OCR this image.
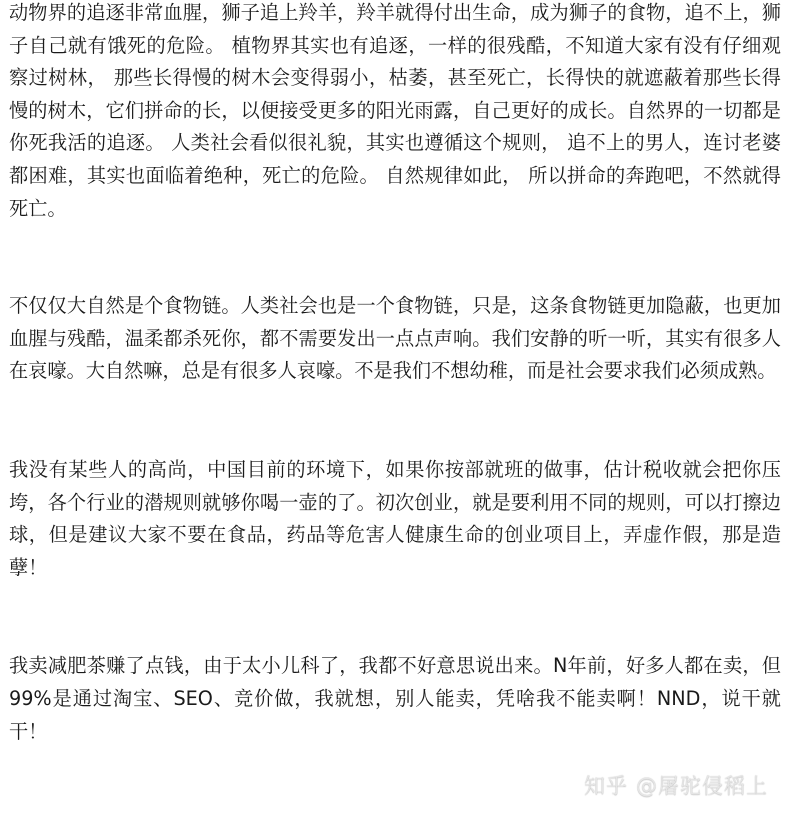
动物界的追逐非常血腥，狮子追上羚羊，羚羊就得付出生命，成为狮子的食物，追不上，狮子自己就有饿死的危险。 植物界其实也有追逐，一样的很残酷，不知道大家有没有仔细观察过树林， 那些长得慢的树木会变得弱小，枯萎，甚至死亡，长得快的就遮蔽着那些长得慢的树木，它们拼命的长，以便接受更多的阳光雨露，自己更好的成长。自然界的一切都是你死我活的追逐。 人类社会看似很礼貌，其实也遵循这个规则， 追不上的男人，连讨老婆都困难，其实也面临着绝种，死亡的危险。 自然规律如此， 所以拼命的奔跑吧，不然就得死亡。

不仅仅大自然是个食物链。人类社会也是一个食物链，只是，这条食物链更加隐蔽，也更加血腥与残酷，温柔都杀死你，都不需要发出一点点声响。我们安静的听一听，其实有很多人在哀嚎。大自然嘛，总是有很多人哀嚎。不是我们不想幼稚，而是社会要求我们必须成熟。

我没有某些人的高尚，中国目前的环境下，如果你按部就班的做事，估计税收就会把你压垮，各个行业的潜规则就够你喝一壶的了。初次创业，就是要利用不同的规则，可以打擦边球，但是建议大家不要在食品，药品等危害人健康生命的创业项目上，弄虚作假，那是造孽！

我卖减肥茶赚了点钱，由于太小儿科了，我都不好意思说出来。N年前，好多人都在卖，但99%是通过淘宝、SEO、竞价做，我就想，别人能卖，凭啥我不能卖啊！NND，说干就干！

知乎 @屠驼侵稻上
